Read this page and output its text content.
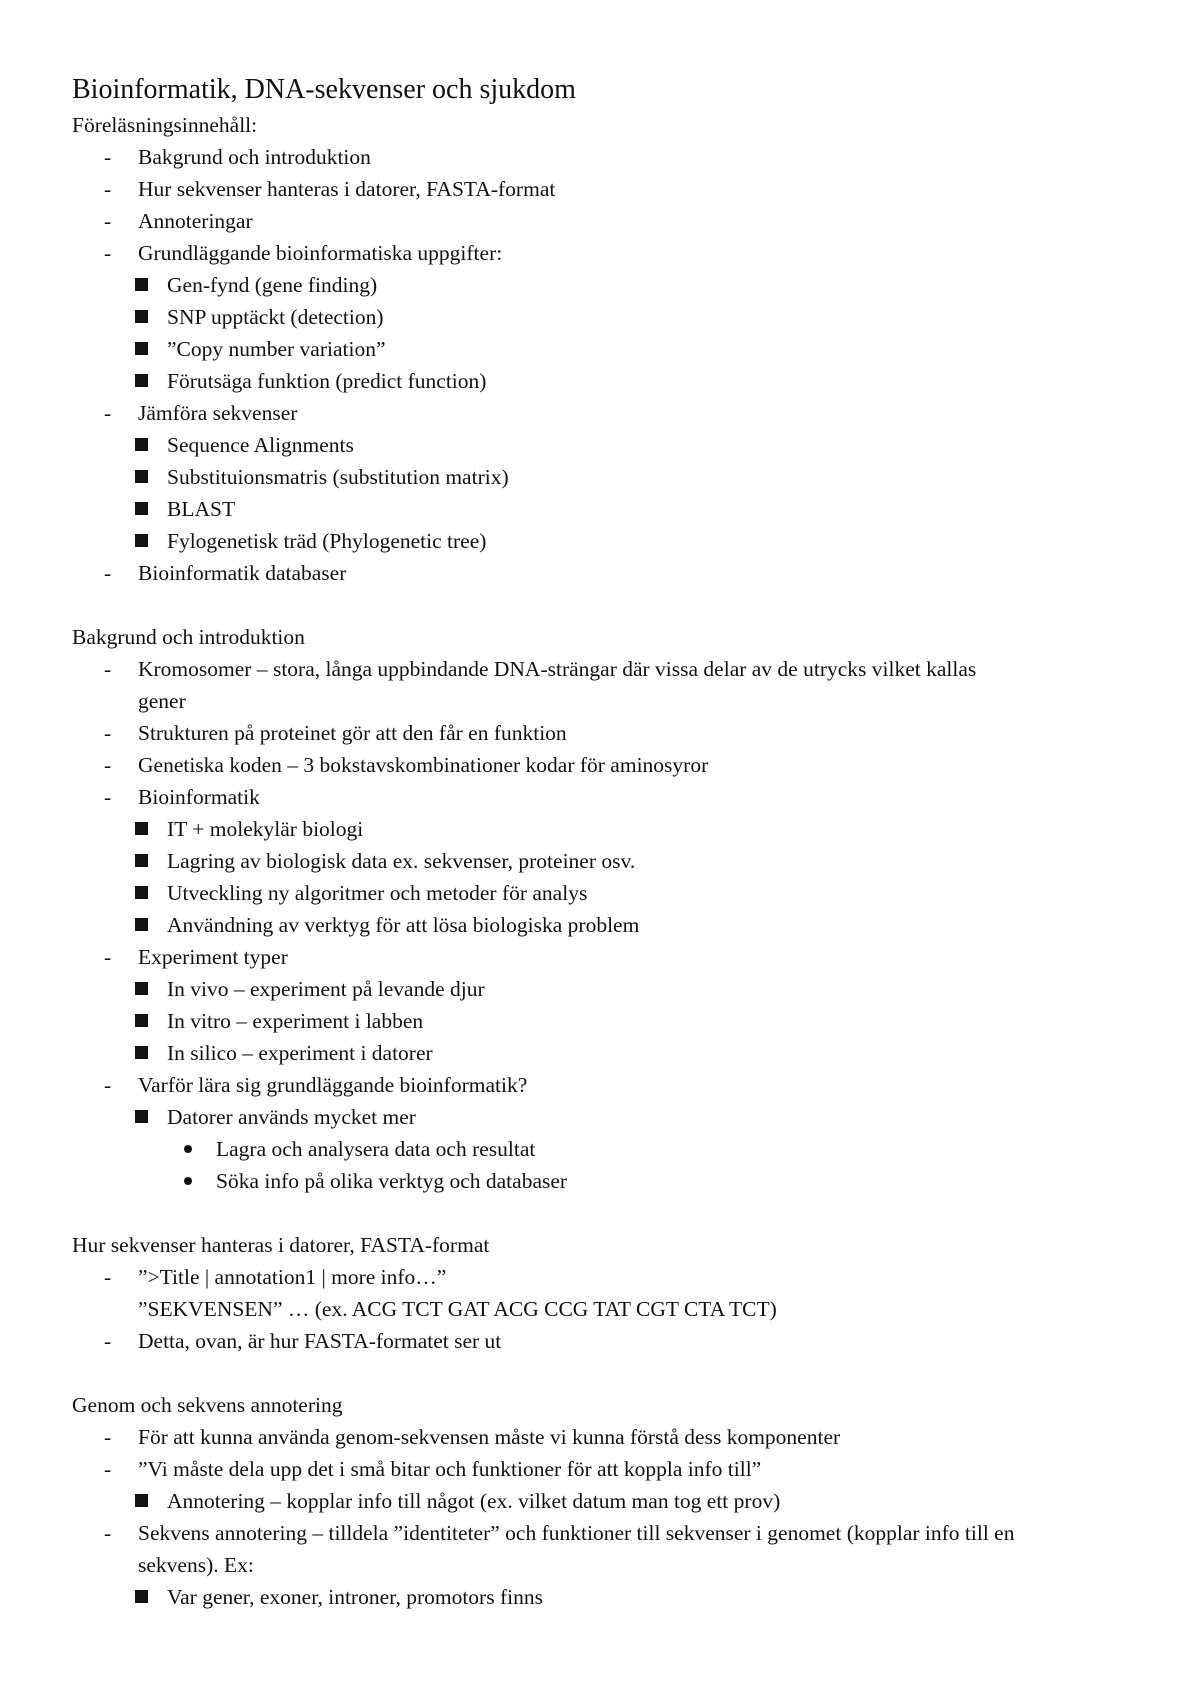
Bioinformatik, DNA-sekvenser och sjukdom
Föreläsningsinnehåll:
- Bakgrund och introduktion
- Hur sekvenser hanteras i datorer, FASTA-format
- Annoteringar
- Grundläggande bioinformatiska uppgifter:
Gen-fynd (gene finding)
SNP upptäckt (detection)
”Copy number variation”
Förutsäga funktion (predict function)
- Jämföra sekvenser
Sequence Alignments
Substituionsmatris (substitution matrix)
BLAST
Fylogenetisk träd (Phylogenetic tree)
- Bioinformatik databaser
Bakgrund och introduktion
- Kromosomer – stora, långa uppbindande DNA-strängar där vissa delar av de utrycks vilket kallas
gener
- Strukturen på proteinet gör att den får en funktion
- Genetiska koden – 3 bokstavskombinationer kodar för aminosyror
- Bioinformatik
IT + molekylär biologi
Lagring av biologisk data ex. sekvenser, proteiner osv.
Utveckling ny algoritmer och metoder för analys
Användning av verktyg för att lösa biologiska problem
- Experiment typer
In vivo – experiment på levande djur
In vitro – experiment i labben
In silico – experiment i datorer
- Varför lära sig grundläggande bioinformatik?
Datorer används mycket mer
Lagra och analysera data och resultat
Söka info på olika verktyg och databaser
Hur sekvenser hanteras i datorer, FASTA-format
- ”>Title | annotation1 | more info…”
”SEKVENSEN” … (ex. ACG TCT GAT ACG CCG TAT CGT CTA TCT)
- Detta, ovan, är hur FASTA-formatet ser ut
Genom och sekvens annotering
- För att kunna använda genom-sekvensen måste vi kunna förstå dess komponenter
- ”Vi måste dela upp det i små bitar och funktioner för att koppla info till”
Annotering – kopplar info till något (ex. vilket datum man tog ett prov)
- Sekvens annotering – tilldela ”identiteter” och funktioner till sekvenser i genomet (kopplar info till en
sekvens). Ex:
Var gener, exoner, introner, promotors finns
